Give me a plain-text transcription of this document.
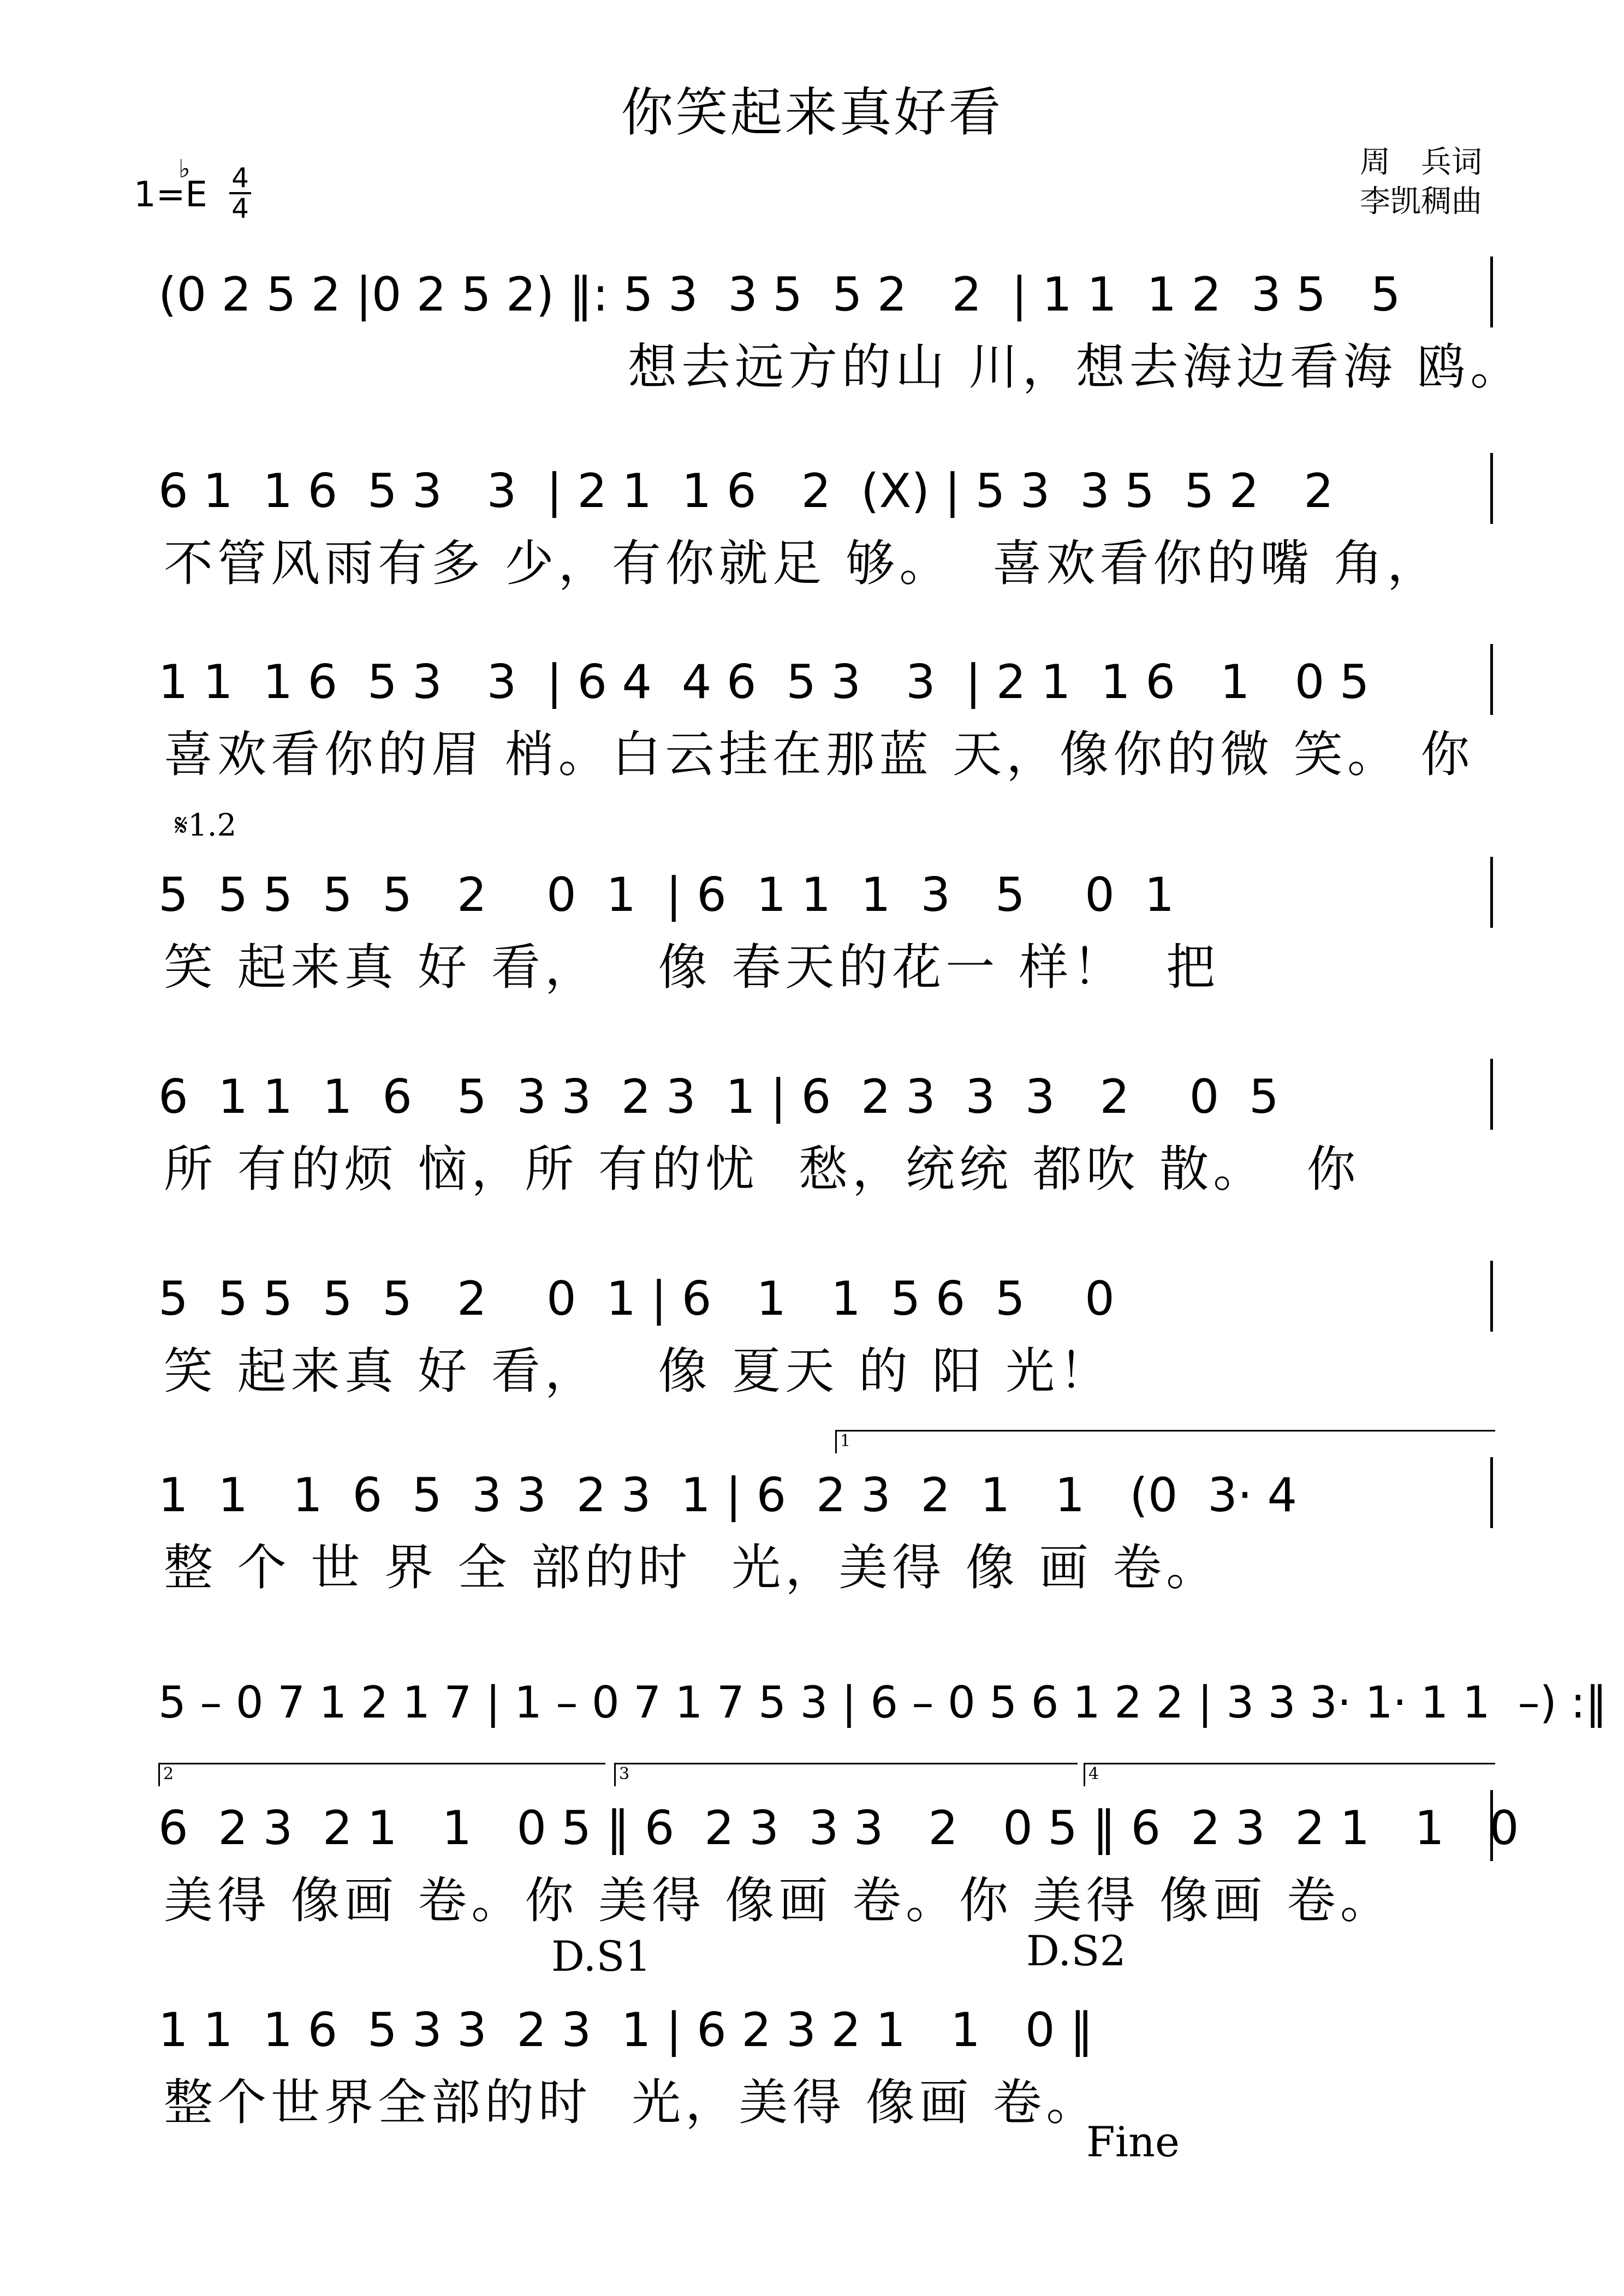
你笑起来真好看
1=
♭
E 4
4
周　兵词
李凯稠曲
(0 2 5 2 |0 2 5 2) ‖: 5 3  3 5  5 2   2  | 1 1  1 2  3 5   5
想去远方的山 川，想去海边看海 鸥。
6 1  1 6  5 3   3  | 2 1  1 6   2  (X) | 5 3  3 5  5 2   2
不管风雨有多 少，有你就足 够。  喜欢看你的嘴 角，
1 1  1 6  5 3   3  | 6 4  4 6  5 3   3  | 2 1  1 6   1   0 5
喜欢看你的眉 梢。白云挂在那蓝 天，像你的微 笑。 你
𝄋1.2
5  5 5  5  5   2    0  1  | 6  1 1  1  3   5    0  1
笑 起来真 好 看，   像 春天的花一 样！  把
6  1 1  1  6   5  3 3  2 3  1 | 6  2 3  3  3   2    0  5
所 有的烦 恼，所 有的忧  愁，统统 都吹 散。  你
5  5 5  5  5   2    0  1 | 6   1   1  5 6  5    0
笑 起来真 好 看，   像 夏天 的 阳 光！
1
1  1   1  6  5  3 3  2 3  1 | 6  2 3  2  1   1   (0  3· 4
整 个 世 界 全 部的时  光，美得 像 画 卷。
5 – 0 7 1 2 1 7 | 1 – 0 7 1 7 5 3 | 6 – 0 5 6 1 2 2 | 3 3 3· 1· 1 1  –) :‖
2	3	4
6  2 3  2 1   1   0 5 ‖ 6  2 3  3 3   2   0 5 ‖ 6  2 3  2 1   1   0
美得 像画 卷。你 美得 像画 卷。你 美得 像画 卷。
D.S1	D.S2
1 1  1 6  5 3 3  2 3  1 | 6 2 3 2 1   1   0 ‖
整个世界全部的时  光，美得 像画 卷。
Fine
